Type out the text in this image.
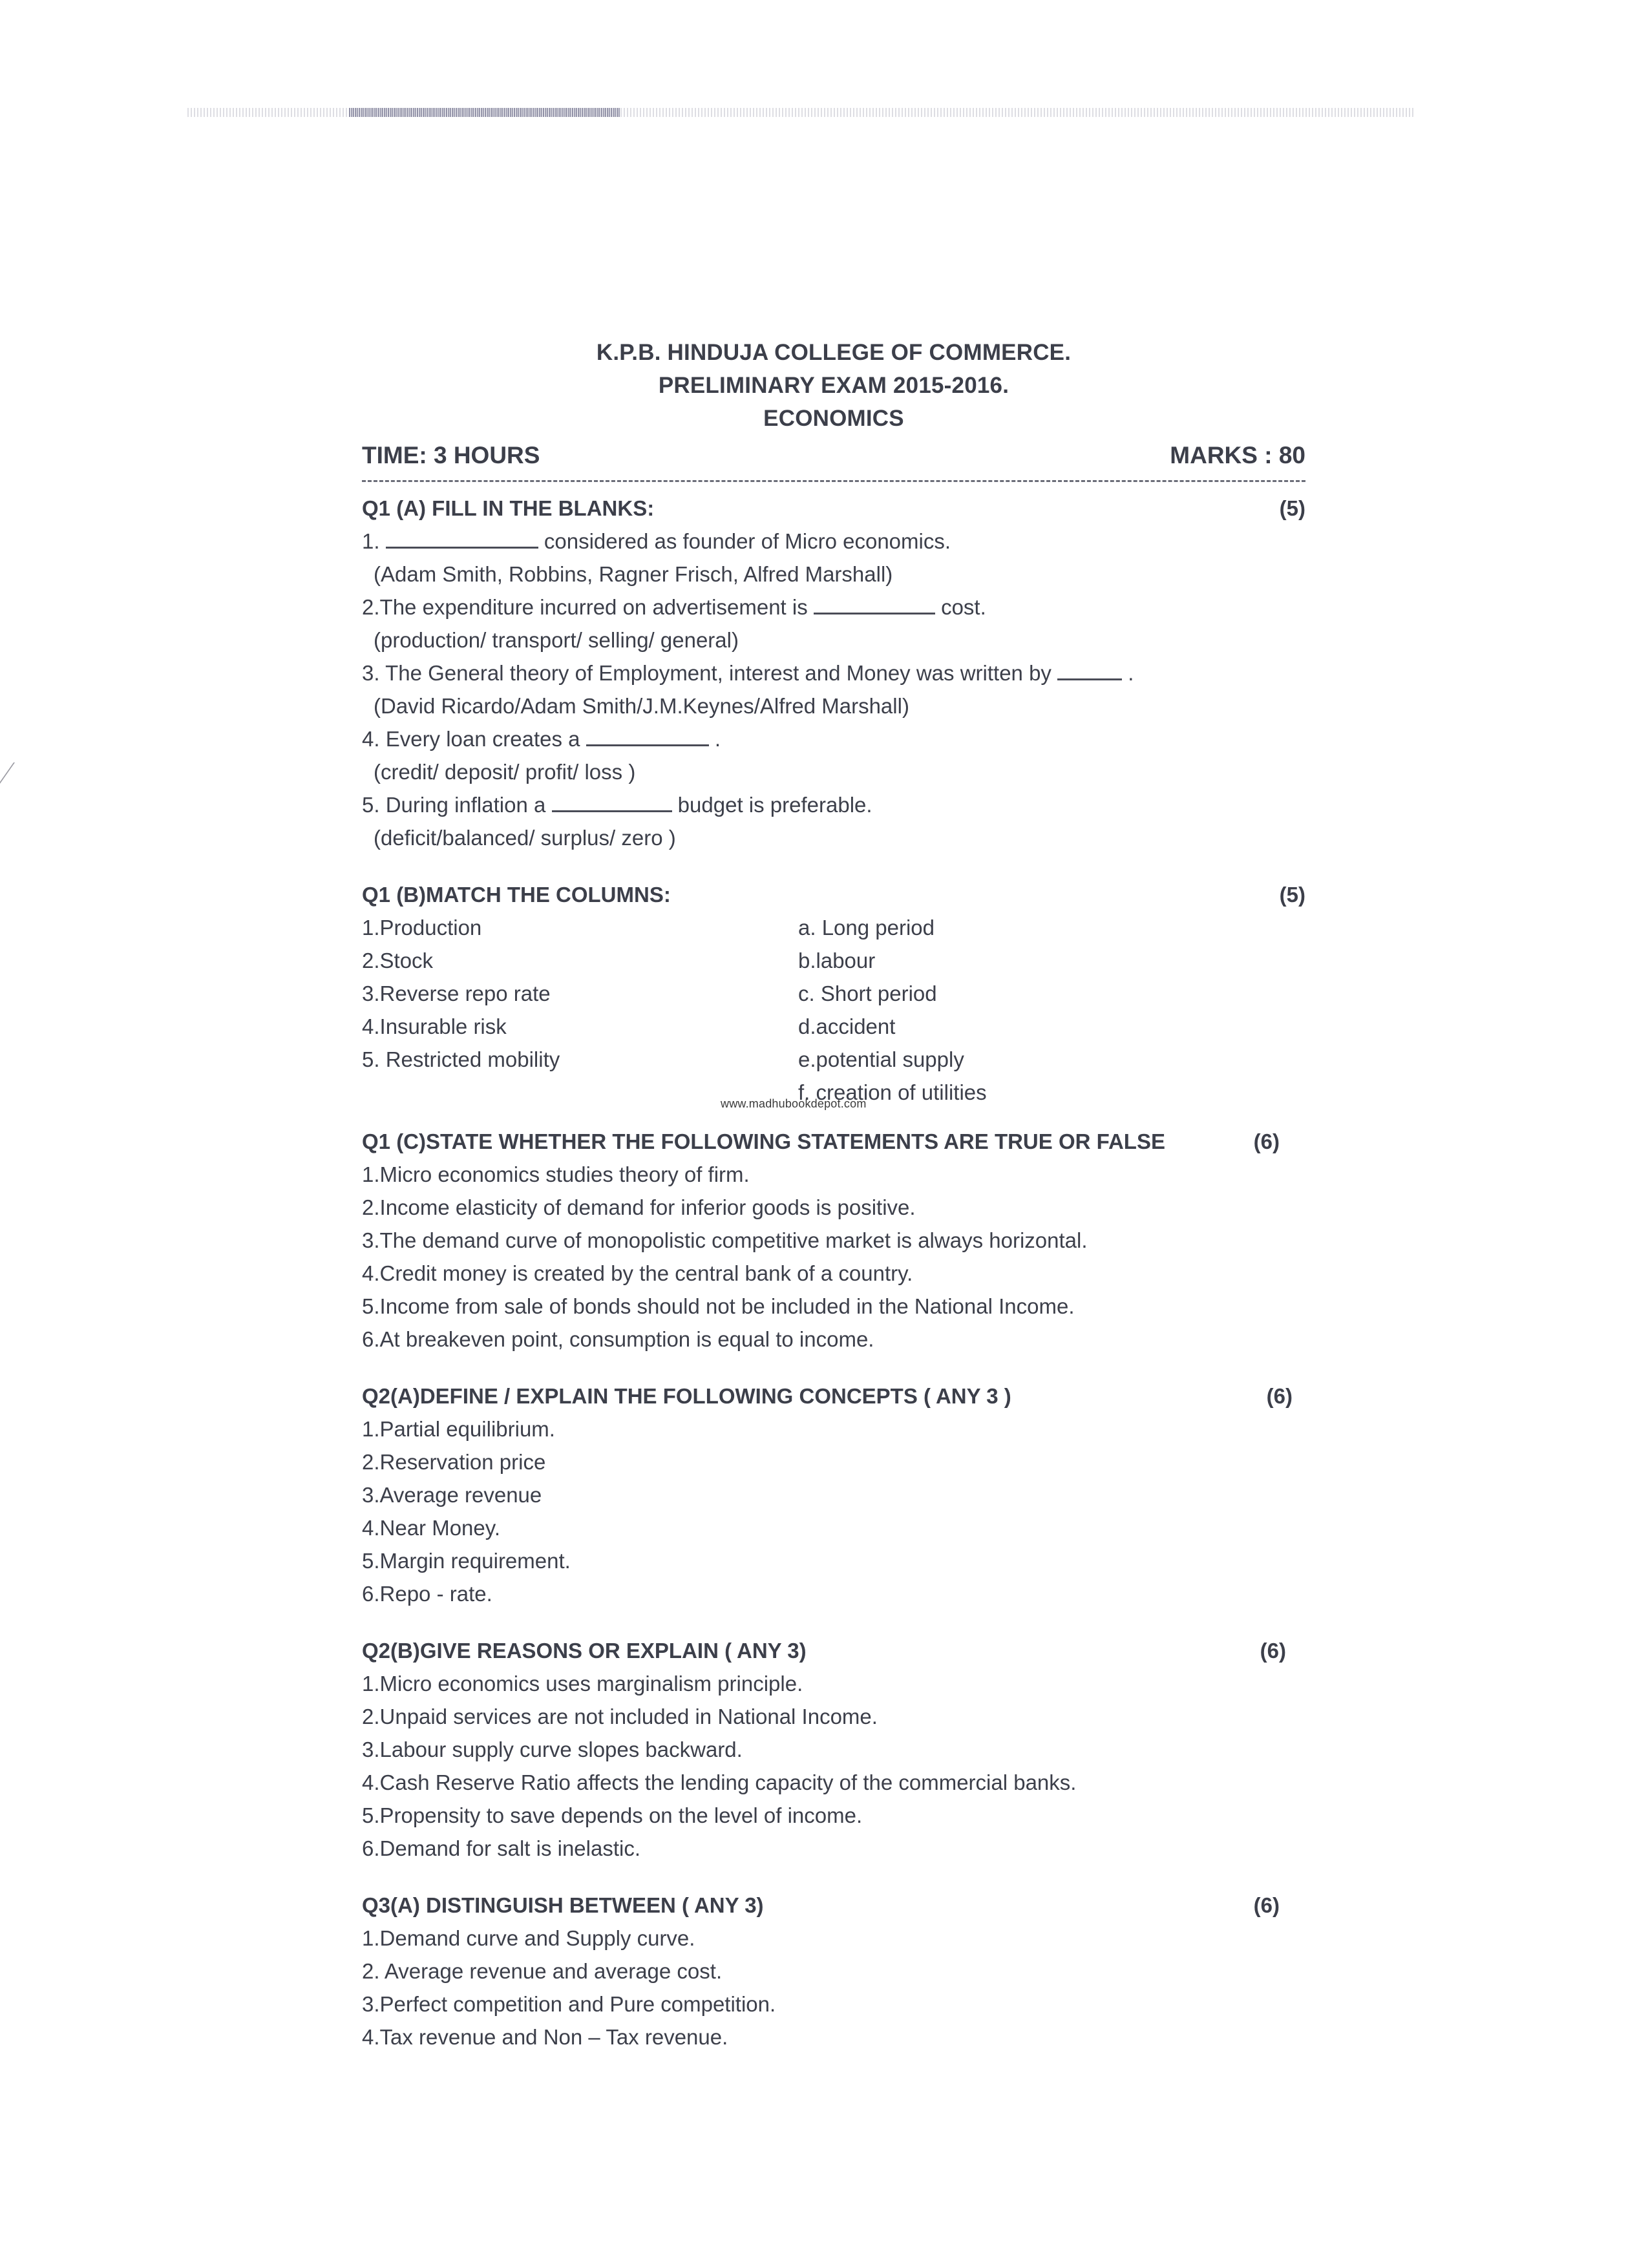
K.P.B. HINDUJA COLLEGE OF COMMERCE.
PRELIMINARY EXAM 2015-2016.
ECONOMICS
TIME: 3 HOURS	MARKS : 80
Q1 (A) FILL IN THE BLANKS:	(5)
1.	considered as founder of Micro economics.
(Adam Smith, Robbins, Ragner Frisch, Alfred Marshall)
2.The expenditure incurred on advertisement is	cost.
(production/ transport/ selling/ general)
3. The General theory of Employment, interest and Money was written by	.
(David Ricardo/Adam Smith/J.M.Keynes/Alfred Marshall)
4. Every loan creates a	.
(credit/ deposit/ profit/ loss )
5. During inflation a	budget is preferable.
(deficit/balanced/ surplus/ zero )
Q1 (B)MATCH THE COLUMNS:	(5)
1.Production	a. Long period
2.Stock	b.labour
3.Reverse repo rate	c. Short period
4.Insurable risk	d.accident
5. Restricted mobility	e.potential supply
f. creation of utilities
www.madhubookdepot.com
Q1 (C)STATE WHETHER THE FOLLOWING STATEMENTS ARE TRUE OR FALSE	(6)
1.Micro economics studies theory of firm.
2.Income elasticity of demand for inferior goods is positive.
3.The demand curve of monopolistic competitive market is always horizontal.
4.Credit money is created by the central bank of a country.
5.Income from sale of bonds should not be included in the National Income.
6.At breakeven point, consumption is equal to income.
Q2(A)DEFINE / EXPLAIN THE FOLLOWING CONCEPTS ( ANY 3 )	(6)
1.Partial equilibrium.
2.Reservation price
3.Average revenue
4.Near Money.
5.Margin requirement.
6.Repo - rate.
Q2(B)GIVE REASONS OR EXPLAIN ( ANY 3)	(6)
1.Micro economics uses marginalism principle.
2.Unpaid services are not included in National Income.
3.Labour supply curve slopes backward.
4.Cash Reserve Ratio affects the lending capacity of the commercial banks.
5.Propensity to save depends on the level of income.
6.Demand for salt is inelastic.
Q3(A) DISTINGUISH BETWEEN ( ANY 3)	(6)
1.Demand curve and Supply curve.
2. Average revenue and average cost.
3.Perfect competition and Pure competition.
4.Tax revenue and Non – Tax revenue.
